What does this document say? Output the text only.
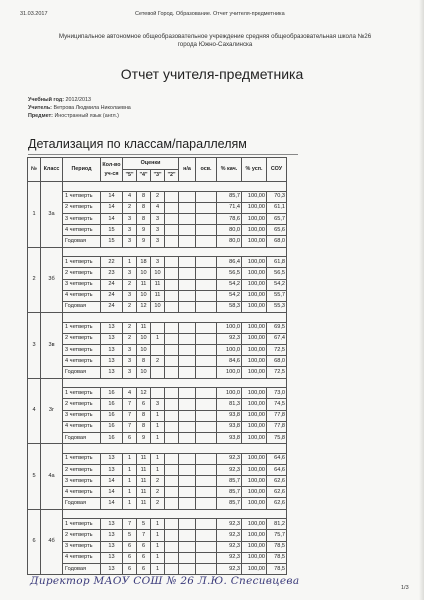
31.03.2017	Сетевой Город. Образование. Отчет учителя-предметника
Муниципальное автономное общеобразовательное учреждение средняя общеобразовательная школа №26
города Южно-Сахалинска
Отчет учителя-предметника
Учебный год: 2012/2013
Учитель: Ветрова Людмила Николаевна
Предмет: Иностранный язык (англ.)
Детализация по классам/параллелям
№	Класс	Период	Кол-во уч-ся	Оценки				н/а	осв.	% кач.	% усп.	СОУ
				"5"	"4"	"3"	"2"					
1	3а											
		1 четверть	14	4	8	2				85,7	100,00	70,3
		2 четверть	14	2	8	4				71,4	100,00	61,1
		3 четверть	14	3	8	3				78,6	100,00	65,7
		4 четверть	15	3	9	3				80,0	100,00	65,6
		Годовая	15	3	9	3				80,0	100,00	68,0
2	3б											
		1 четверть	22	1	18	3				86,4	100,00	61,8
		2 четверть	23	3	10	10				56,5	100,00	56,5
		3 четверть	24	2	11	11				54,2	100,00	54,2
		4 четверть	24	3	10	11				54,2	100,00	55,7
		Годовая	24	2	12	10				58,3	100,00	55,3
3	3в											
		1 четверть	13	2	11					100,0	100,00	69,5
		2 четверть	13	2	10	1				92,3	100,00	67,4
		3 четверть	13	3	10					100,0	100,00	72,5
		4 четверть	13	3	8	2				84,6	100,00	68,0
		Годовая	13	3	10					100,0	100,00	72,5
4	3г											
		1 четверть	16	4	12					100,0	100,00	73,0
		2 четверть	16	7	6	3				81,3	100,00	74,5
		3 четверть	16	7	8	1				93,8	100,00	77,8
		4 четверть	16	7	8	1				93,8	100,00	77,8
		Годовая	16	6	9	1				93,8	100,00	75,8
5	4а											
		1 четверть	13	1	11	1				92,3	100,00	64,6
		2 четверть	13	1	11	1				92,3	100,00	64,6
		3 четверть	14	1	11	2				85,7	100,00	62,6
		4 четверть	14	1	11	2				85,7	100,00	62,6
		Годовая	14	1	11	2				85,7	100,00	62,6
6	4б											
		1 четверть	13	7	5	1				92,3	100,00	81,2
		2 четверть	13	5	7	1				92,3	100,00	75,7
		3 четверть	13	6	6	1				92,3	100,00	78,5
		4 четверть	13	6	6	1				92,3	100,00	78,5
		Годовая	13	6	6	1				92,3	100,00	78,5
Директор МАОУ СОШ № 26 Л.Ю. Спесивцева
1/3
